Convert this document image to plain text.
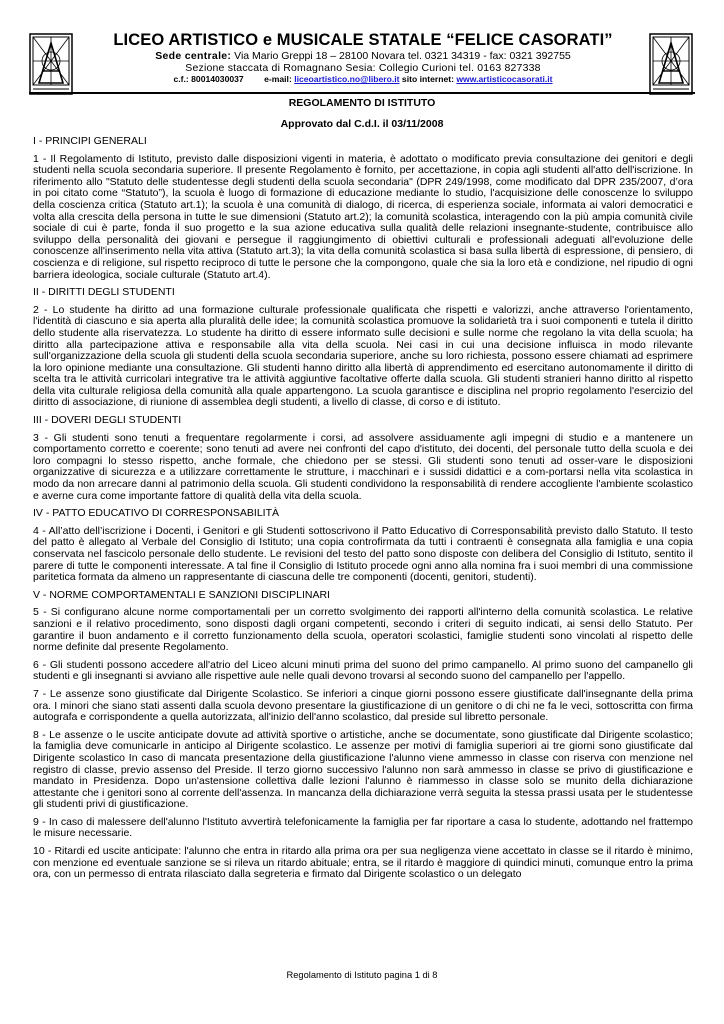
LICEO ARTISTICO e MUSICALE STATALE “FELICE CASORATI”
Sede centrale: Via Mario Greppi 18 – 28100 Novara tel. 0321 34319 - fax: 0321 392755
Sezione staccata di Romagnano Sesia: Collegio Curioni tel. 0163 827338
c.f.: 80014030037 e-mail: liceoartistico.no@libero.it sito internet: www.artisticocasorati.it
REGOLAMENTO DI ISTITUTO
Approvato dal C.d.I. il 03/11/2008
I - PRINCIPI GENERALI
1 - Il Regolamento di Istituto, previsto dalle disposizioni vigenti in materia, è adottato o modificato previa consultazione dei genitori e degli studenti nella scuola secondaria superiore. Il presente Regolamento è fornito, per accettazione, in copia agli studenti all'atto dell'iscrizione. In riferimento allo "Statuto delle studentesse degli studenti della scuola secondaria" (DPR 249/1998, come modificato dal DPR 235/2007, d’ora in poi citato come “Statuto”), la scuola è luogo di formazione di educazione mediante lo studio, l'acquisizione delle conoscenze lo sviluppo della coscienza critica (Statuto art.1); la scuola è una comunità di dialogo, di ricerca, di esperienza sociale, informata ai valori democratici e volta alla crescita della persona in tutte le sue dimensioni (Statuto art.2); la comunità scolastica, interagendo con la più ampia comunità civile sociale di cui è parte, fonda il suo progetto e la sua azione educativa sulla qualità delle relazioni insegnante-studente, contribuisce allo sviluppo della personalità dei giovani e persegue il raggiungimento di obiettivi culturali e professionali adeguati all'evoluzione delle conoscenze all'inserimento nella vita attiva (Statuto art.3); la vita della comunità scolastica si basa sulla libertà di espressione, di pensiero, di coscienza e di religione, sul rispetto reciproco di tutte le persone che la compongono, quale che sia la loro età e condizione, nel ripudio di ogni barriera ideologica, sociale culturale (Statuto art.4).
II - DIRITTI DEGLI STUDENTI
2 - Lo studente ha diritto ad una formazione culturale professionale qualificata che rispetti e valorizzi, anche attraverso l'orientamento, l'identità di ciascuno e sia aperta alla pluralità delle idee; la comunità scolastica promuove la solidarietà tra i suoi componenti e tutela il diritto dello studente alla riservatezza. Lo studente ha diritto di essere informato sulle decisioni e sulle norme che regolano la vita della scuola; ha diritto alla partecipazione attiva e responsabile alla vita della scuola. Nei casi in cui una decisione influisca in modo rilevante sull'organizzazione della scuola gli studenti della scuola secondaria superiore, anche su loro richiesta, possono essere chiamati ad esprimere la loro opinione mediante una consultazione. Gli studenti hanno diritto alla libertà di apprendimento ed esercitano autonomamente il diritto di scelta tra le attività curricolari integrative tra le attività aggiuntive facoltative offerte dalla scuola. Gli studenti stranieri hanno diritto al rispetto della vita culturale religiosa della comunità alla quale appartengono. La scuola garantisce e disciplina nel proprio regolamento l'esercizio del diritto di associazione, di riunione di assemblea degli studenti, a livello di classe, di corso e di istituto.
III - DOVERI DEGLI STUDENTI
3 - Gli studenti sono tenuti a frequentare regolarmente i corsi, ad assolvere assiduamente agli impegni di studio e a mantenere un comportamento corretto e coerente; sono tenuti ad avere nei confronti del capo d'istituto, dei docenti, del personale tutto della scuola e dei loro compagni lo stesso rispetto, anche formale, che chiedono per se stessi. Gli studenti sono tenuti ad osser-vare le disposizioni organizzative di sicurezza e a utilizzare correttamente le strutture, i macchinari e i sussidi didattici e a com-portarsi nella vita scolastica in modo da non arrecare danni al patrimonio della scuola. Gli studenti condividono la responsabilità di rendere accogliente l'ambiente scolastico e averne cura come importante fattore di qualità della vita della scuola.
IV - PATTO EDUCATIVO DI CORRESPONSABILITÀ
4 - All’atto dell’iscrizione i Docenti, i Genitori e gli Studenti sottoscrivono il Patto Educativo di Corresponsabilità previsto dallo Statuto. Il testo del patto è allegato al Verbale del Consiglio di Istituto; una copia controfirmata da tutti i contraenti è consegnata alla famiglia e una copia conservata nel fascicolo personale dello studente. Le revisioni del testo del patto sono disposte con delibera del Consiglio di Istituto, sentito il parere di tutte le componenti interessate. A tal fine il Consiglio di Istituto procede ogni anno alla nomina fra i suoi membri di una commissione paritetica formata da almeno un rappresentante di ciascuna delle tre componenti (docenti, genitori, studenti).
V - NORME COMPORTAMENTALI E SANZIONI DISCIPLINARI
5 - Si configurano alcune norme comportamentali per un corretto svolgimento dei rapporti all'interno della comunità scolastica. Le relative sanzioni e il relativo procedimento, sono disposti dagli organi competenti, secondo i criteri di seguito indicati, ai sensi dello Statuto. Per garantire il buon andamento e il corretto funzionamento della scuola, operatori scolastici, famiglie studenti sono vincolati al rispetto delle norme definite dal presente Regolamento.
6 - Gli studenti possono accedere all'atrio del Liceo alcuni minuti prima del suono del primo campanello. Al primo suono del campanello gli studenti e gli insegnanti si avviano alle rispettive aule nelle quali devono trovarsi al secondo suono del campanello per l'appello.
7 - Le assenze sono giustificate dal Dirigente Scolastico. Se inferiori a cinque giorni possono essere giustificate dall'insegnante della prima ora. I minori che siano stati assenti dalla scuola devono presentare la giustificazione di un genitore o di chi ne fa le veci, sottoscritta con firma autografa e corrispondente a quella autorizzata, all'inizio dell'anno scolastico, dal preside sul libretto personale.
8 - Le assenze o le uscite anticipate dovute ad attività sportive o artistiche, anche se documentate, sono giustificate dal Dirigente scolastico; la famiglia deve comunicarle in anticipo al Dirigente scolastico. Le assenze per motivi di famiglia superiori ai tre giorni sono giustificate dal Dirigente scolastico In caso di mancata presentazione della giustificazione l'alunno viene ammesso in classe con riserva con menzione nel registro di classe, previo assenso del Preside. Il terzo giorno successivo l'alunno non sarà ammesso in classe se privo di giustificazione e mandato in Presidenza. Dopo un'astensione collettiva dalle lezioni l'alunno è riammesso in classe solo se munito della dichiarazione attestante che i genitori sono al corrente dell'assenza. In mancanza della dichiarazione verrà seguita la stessa prassi usata per le studentesse gli studenti privi di giustificazione.
9 - In caso di malessere dell'alunno l'Istituto avvertirà telefonicamente la famiglia per far riportare a casa lo studente, adottando nel frattempo le misure necessarie.
10 - Ritardi ed uscite anticipate: l'alunno che entra in ritardo alla prima ora per sua negligenza viene accettato in classe se il ritardo è minimo, con menzione ed eventuale sanzione se si rileva un ritardo abituale; entra, se il ritardo è maggiore di quindici minuti, comunque entro la prima ora, con un permesso di entrata rilasciato dalla segreteria e firmato dal Dirigente scolastico o un delegato
Regolamento di Istituto pagina 1 di 8
